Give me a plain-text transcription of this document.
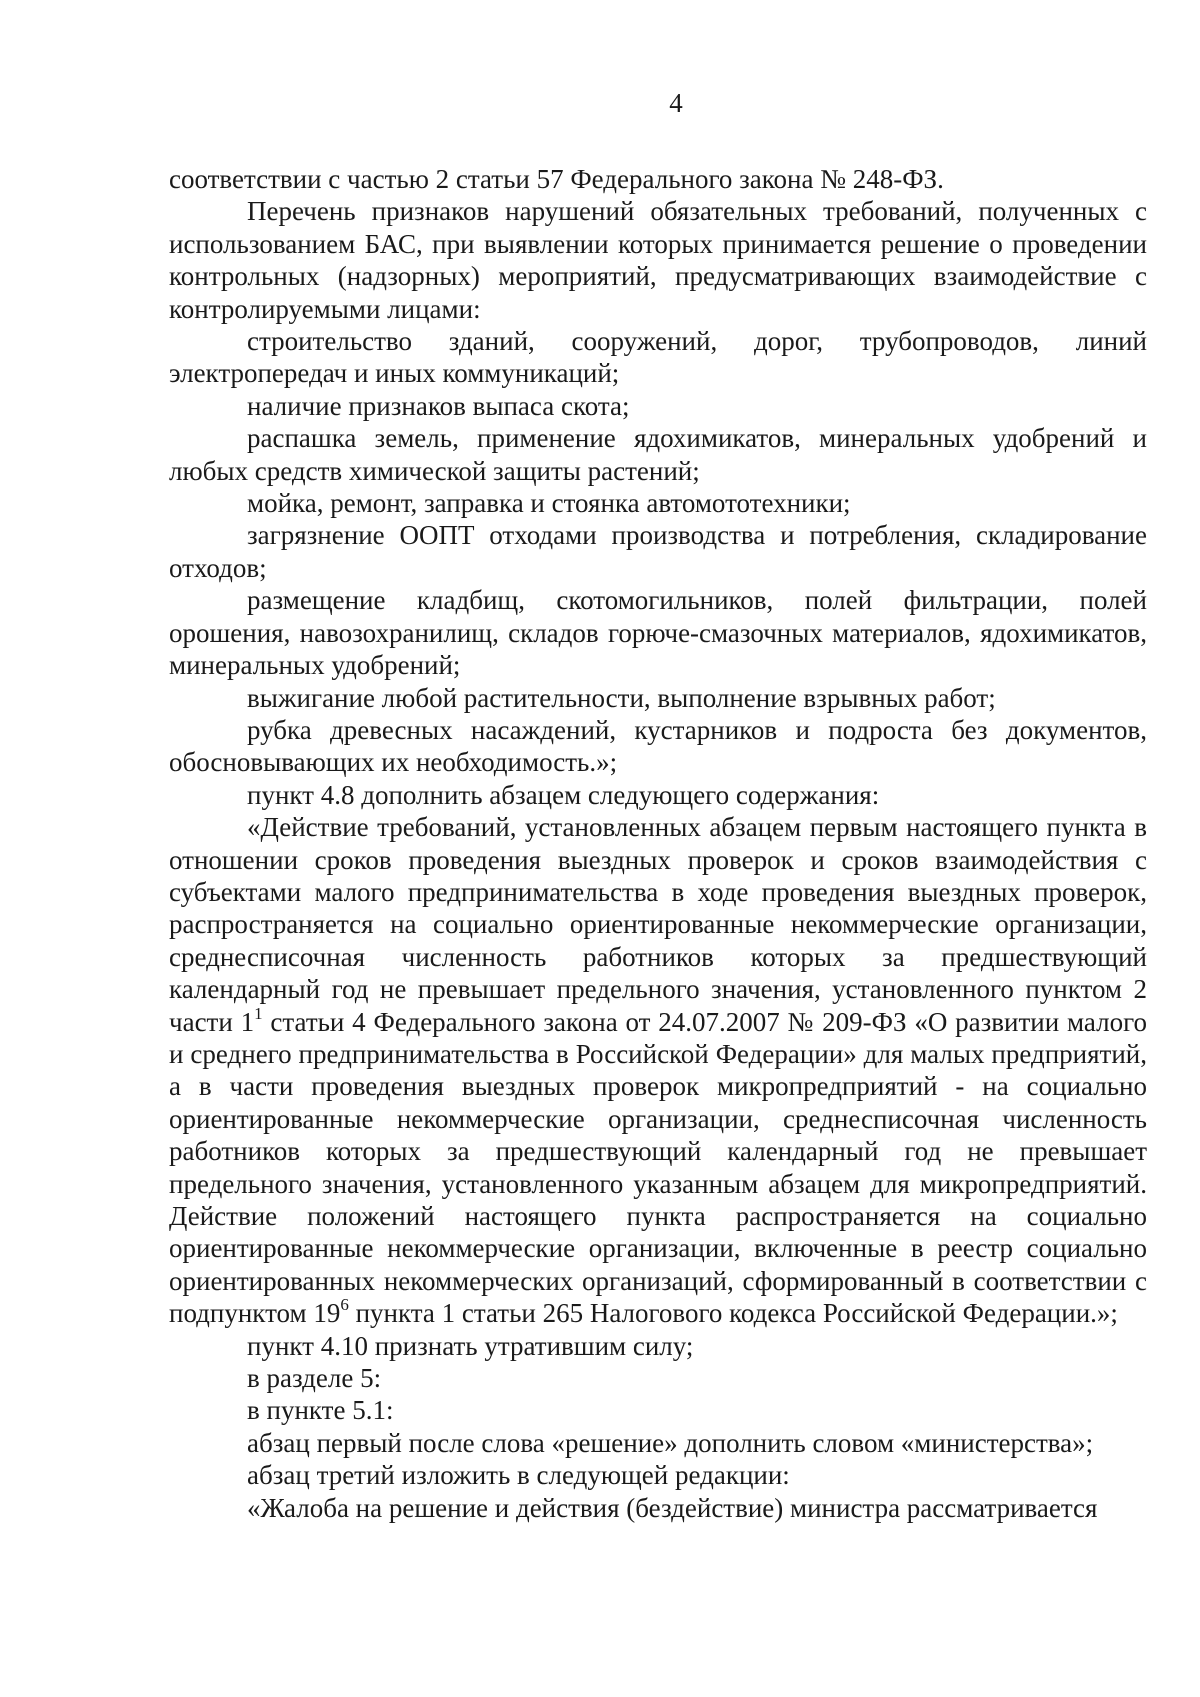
4

соответствии с частью 2 статьи 57 Федерального закона № 248-ФЗ.

Перечень признаков нарушений обязательных требований, полученных с использованием БАС, при выявлении которых принимается решение о проведении контрольных (надзорных) мероприятий, предусматривающих взаимодействие с контролируемыми лицами:

строительство зданий, сооружений, дорог, трубопроводов, линий электропередач и иных коммуникаций;

наличие признаков выпаса скота;

распашка земель, применение ядохимикатов, минеральных удобрений и любых средств химической защиты растений;

мойка, ремонт, заправка и стоянка автомототехники;

загрязнение ООПТ отходами производства и потребления, складирование отходов;

размещение кладбищ, скотомогильников, полей фильтрации, полей орошения, навозохранилищ, складов горюче-смазочных материалов, ядохимикатов, минеральных удобрений;

выжигание любой растительности, выполнение взрывных работ;

рубка древесных насаждений, кустарников и подроста без документов, обосновывающих их необходимость.»;

пункт 4.8 дополнить абзацем следующего содержания:

«Действие требований, установленных абзацем первым настоящего пункта в отношении сроков проведения выездных проверок и сроков взаимодействия с субъектами малого предпринимательства в ходе проведения выездных проверок, распространяется на социально ориентированные некоммерческие организации, среднесписочная численность работников которых за предшествующий календарный год не превышает предельного значения, установленного пунктом 2 части $1^1$ статьи 4 Федерального закона от 24.07.2007 № 209-ФЗ «О развитии малого и среднего предпринимательства в Российской Федерации» для малых предприятий, а в части проведения выездных проверок микропредприятий - на социально ориентированные некоммерческие организации, среднесписочная численность работников которых за предшествующий календарный год не превышает предельного значения, установленного указанным абзацем для микропредприятий. Действие положений настоящего пункта распространяется на социально ориентированные некоммерческие организации, включенные в реестр социально ориентированных некоммерческих организаций, сформированный в соответствии с подпунктом $19^6$ пункта 1 статьи 265 Налогового кодекса Российской Федерации.»;

пункт 4.10 признать утратившим силу;

в разделе 5:

в пункте 5.1:

абзац первый после слова «решение» дополнить словом «министерства»;

абзац третий изложить в следующей редакции:

«Жалоба на решение и действия (бездействие) министра рассматривается
